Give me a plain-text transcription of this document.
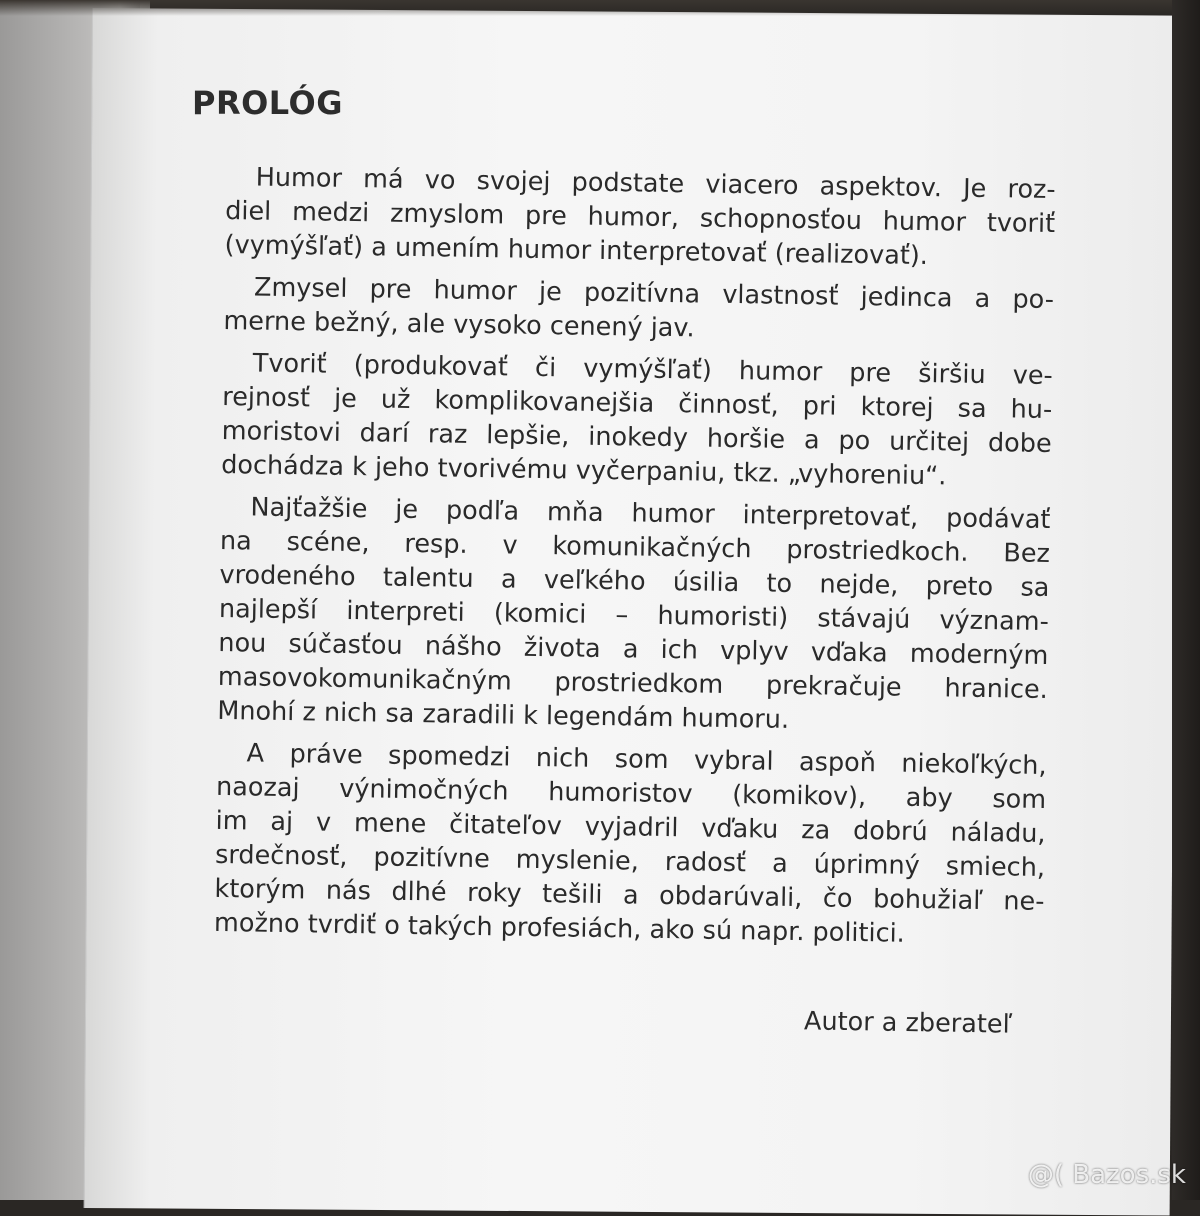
PROLÓG
Humor má vo svojej podstate viacero aspektov. Je roz-
diel medzi zmyslom pre humor, schopnosťou humor tvoriť
(vymýšľať) a umením humor interpretovať (realizovať).
Zmysel pre humor je pozitívna vlastnosť jedinca a po-
merne bežný, ale vysoko cenený jav.
Tvoriť (produkovať či vymýšľať) humor pre širšiu ve-
rejnosť je už komplikovanejšia činnosť, pri ktorej sa hu-
moristovi darí raz lepšie, inokedy horšie a po určitej dobe
dochádza k jeho tvorivému vyčerpaniu, tkz. „vyhoreniu“.
Najťažšie je podľa mňa humor interpretovať, podávať
na scéne, resp. v komunikačných prostriedkoch. Bez
vrodeného talentu a veľkého úsilia to nejde, preto sa
najlepší interpreti (komici – humoristi) stávajú význam-
nou súčasťou nášho života a ich vplyv vďaka moderným
masovokomunikačným prostriedkom prekračuje hranice.
Mnohí z nich sa zaradili k legendám humoru.
A práve spomedzi nich som vybral aspoň niekoľkých,
naozaj výnimočných humoristov (komikov), aby som
im aj v mene čitateľov vyjadril vďaku za dobrú náladu,
srdečnosť, pozitívne myslenie, radosť a úprimný smiech,
ktorým nás dlhé roky tešili a obdarúvali, čo bohužiaľ ne-
možno tvrdiť o takých profesiách, ako sú napr. politici.
Autor a zberateľ
@( Bazos.sk
